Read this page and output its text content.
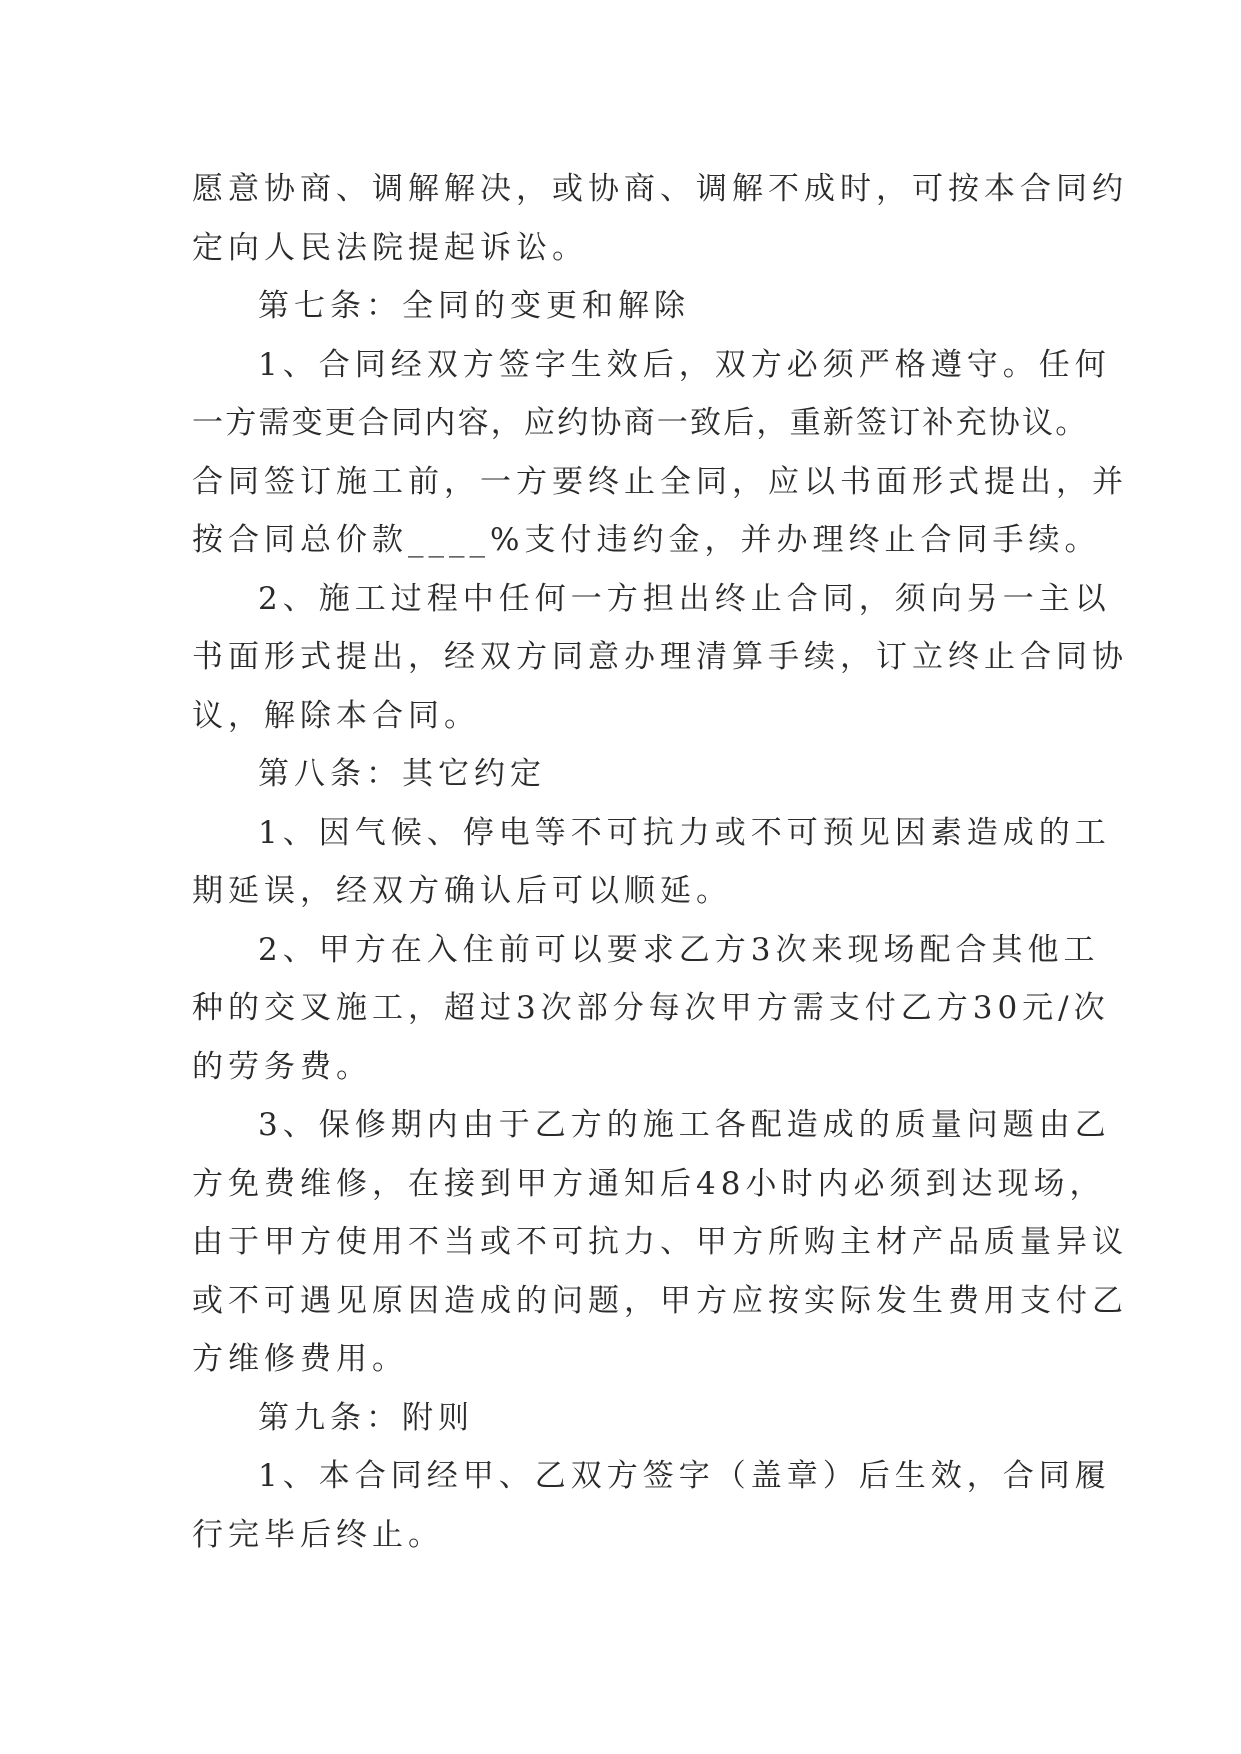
愿意协商、调解解决，或协商、调解不成时，可按本合同约
定向人民法院提起诉讼。
第七条：全同的变更和解除
1、合同经双方签字生效后，双方必须严格遵守。任何
一方需变更合同内容，应约协商一致后，重新签订补充协议。
合同签订施工前，一方要终止全同，应以书面形式提出，并
按合同总价款____%支付违约金，并办理终止合同手续。
2、施工过程中任何一方担出终止合同，须向另一主以
书面形式提出，经双方同意办理清算手续，订立终止合同协
议，解除本合同。
第八条：其它约定
1、因气候、停电等不可抗力或不可预见因素造成的工
期延误，经双方确认后可以顺延。
2、甲方在入住前可以要求乙方3次来现场配合其他工
种的交叉施工，超过3次部分每次甲方需支付乙方30元/次
的劳务费。
3、保修期内由于乙方的施工各配造成的质量问题由乙
方免费维修，在接到甲方通知后48小时内必须到达现场，
由于甲方使用不当或不可抗力、甲方所购主材产品质量异议
或不可遇见原因造成的问题，甲方应按实际发生费用支付乙
方维修费用。
第九条：附则
1、本合同经甲、乙双方签字（盖章）后生效，合同履
行完毕后终止。
